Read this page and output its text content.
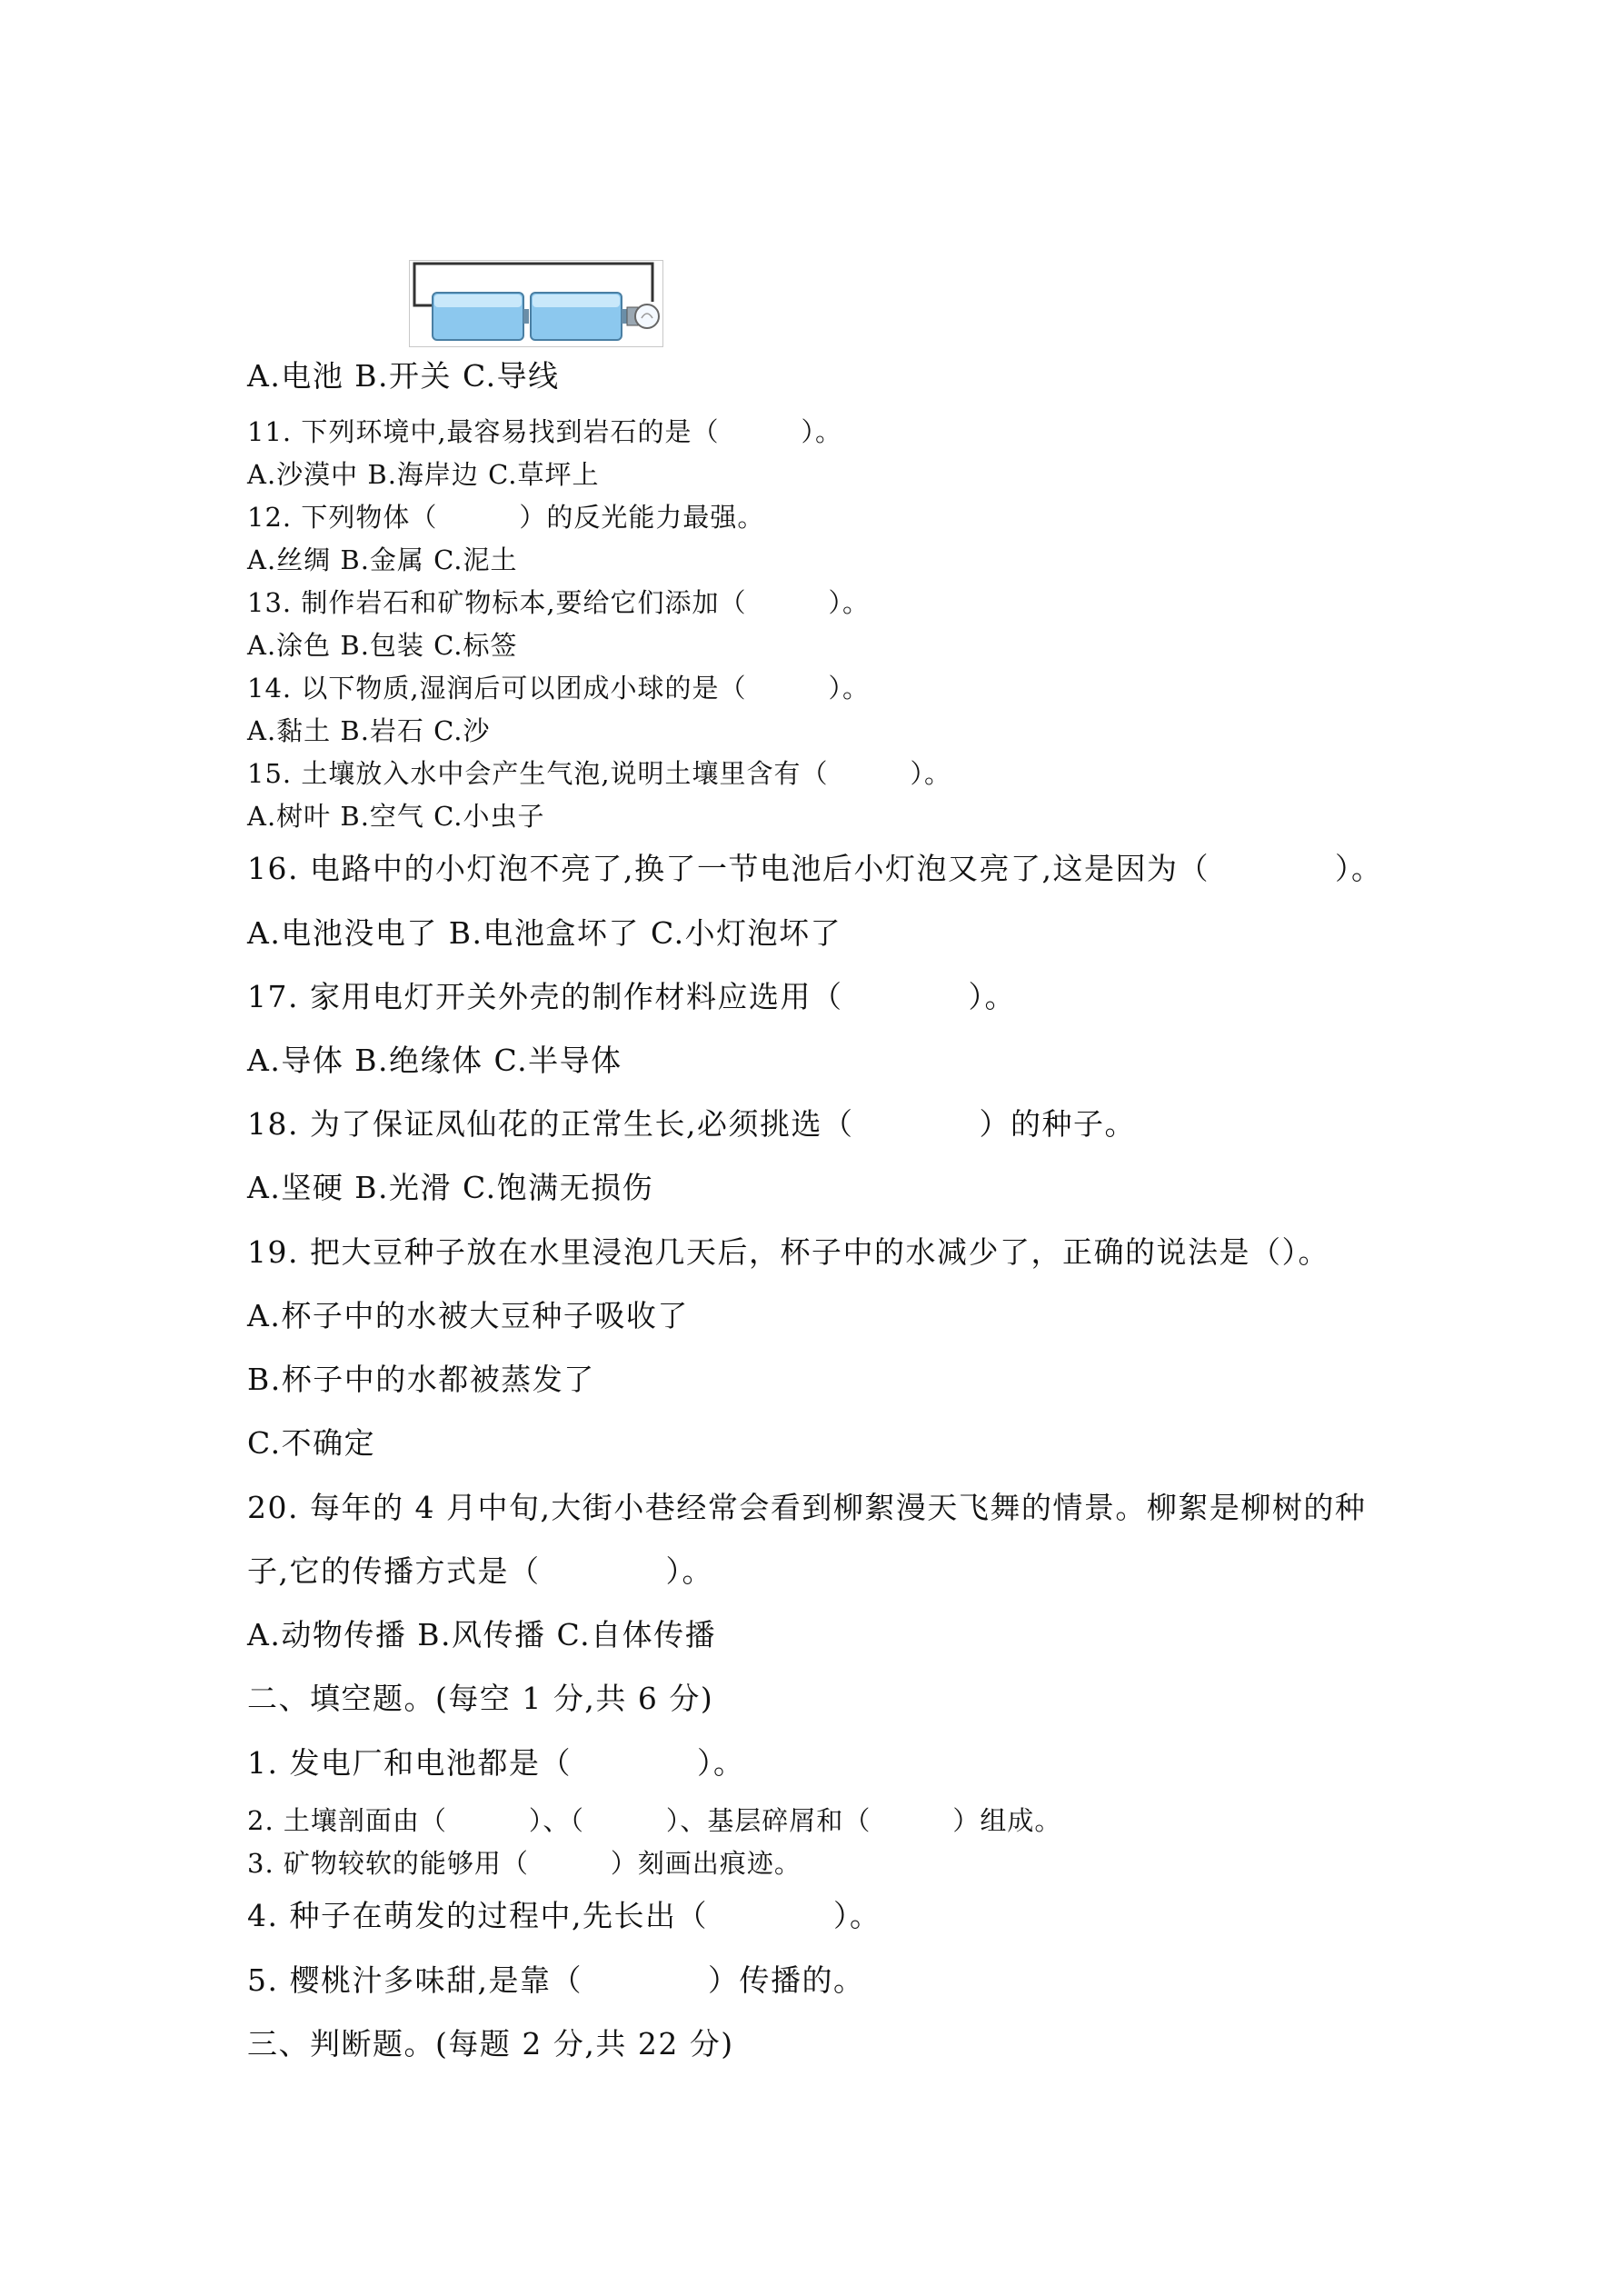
A.电池 B.开关 C.导线
11. 下列环境中,最容易找到岩石的是（　　　）。
A.沙漠中 B.海岸边 C.草坪上
12. 下列物体（　　　）的反光能力最强。
A.丝绸 B.金属 C.泥土
13. 制作岩石和矿物标本,要给它们添加（　　　）。
A.涂色 B.包装 C.标签
14. 以下物质,湿润后可以团成小球的是（　　　）。
A.黏土 B.岩石 C.沙
15. 土壤放入水中会产生气泡,说明土壤里含有（　　　）。
A.树叶 B.空气 C.小虫子
16. 电路中的小灯泡不亮了,换了一节电池后小灯泡又亮了,这是因为（　　　　）。
A.电池没电了 B.电池盒坏了 C.小灯泡坏了
17. 家用电灯开关外壳的制作材料应选用（　　　　）。
A.导体 B.绝缘体 C.半导体
18. 为了保证凤仙花的正常生长,必须挑选（　　　　）的种子。
A.坚硬 B.光滑 C.饱满无损伤
19. 把大豆种子放在水里浸泡几天后，杯子中的水减少了，正确的说法是（）。
A.杯子中的水被大豆种子吸收了
B.杯子中的水都被蒸发了
C.不确定
20. 每年的 4 月中旬,大街小巷经常会看到柳絮漫天飞舞的情景。柳絮是柳树的种
子,它的传播方式是（　　　　）。
A.动物传播 B.风传播 C.自体传播
二、填空题。(每空 1 分,共 6 分)
1. 发电厂和电池都是（　　　　）。
2. 土壤剖面由（　　　）、（　　　）、基层碎屑和（　　　）组成。
3. 矿物较软的能够用（　　　）刻画出痕迹。
4. 种子在萌发的过程中,先长出（　　　　）。
5. 樱桃汁多味甜,是靠（　　　　）传播的。
三、判断题。(每题 2 分,共 22 分)
